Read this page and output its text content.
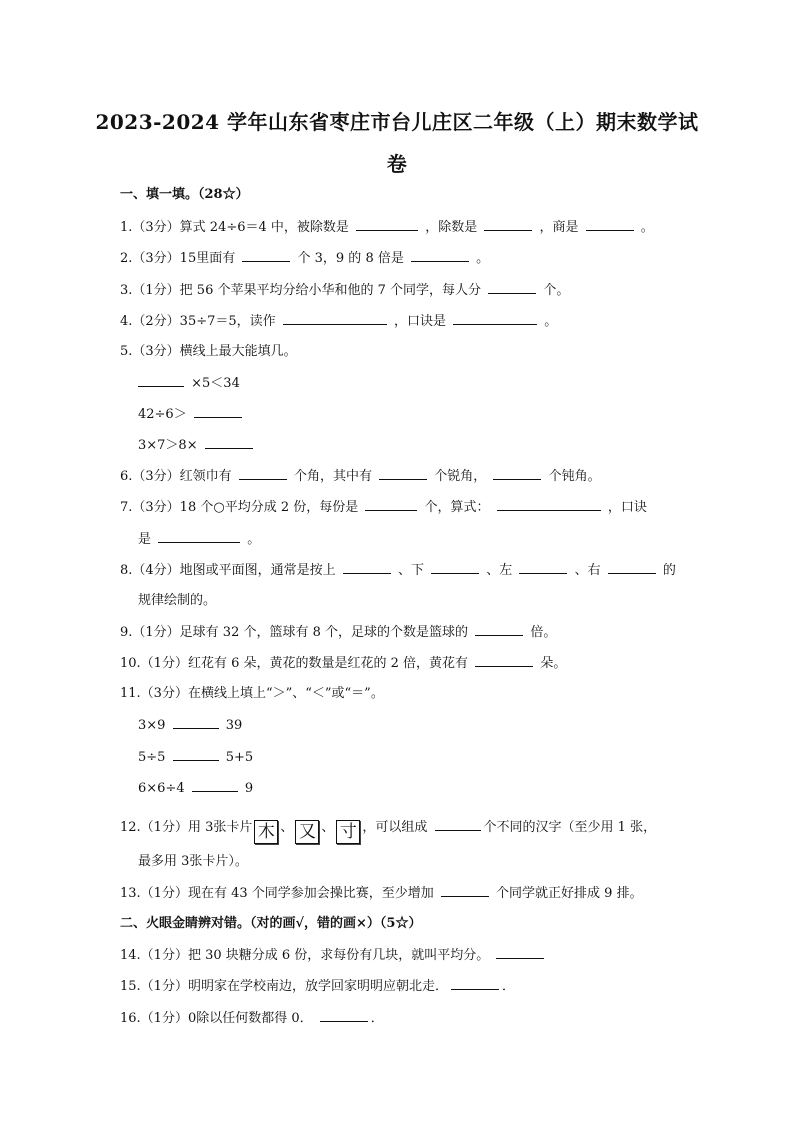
2023-2024 学年山东省枣庄市台儿庄区二年级（上）期末数学试
卷
一、填一填。（28☆）
1.（3分）算式 24÷6＝4 中，被除数是	，除数是	，商是	。
2.（3分）15里面有	个 3，9 的 8 倍是	。
3.（1分）把 56 个苹果平均分给小华和他的 7 个同学，每人分	个。
4.（2分）35÷7＝5，读作	，口诀是	。
5.（3分）横线上最大能填几。
×5＜34
42÷6＞
3×7＞8×
6.（3分）红领巾有	个角，其中有	个锐角，	个钝角。
7.（3分）18 个○平均分成 2 份，每份是	个，算式：	，口诀
是	。
8.（4分）地图或平面图，通常是按上	、下	、左	、右	的
规律绘制的。
9.（1分）足球有 32 个，篮球有 8 个，足球的个数是篮球的	倍。
10.（1分）红花有 6 朵，黄花的数量是红花的 2 倍，黄花有	朵。
11.（3分）在横线上填上“＞”、“＜”或“＝”。
3×9	39
5÷5	5+5
6×6÷4	9
12.（1分）用 3张卡片 木 、 又 、 寸 ，可以组成	个不同的汉字（至少用 1 张，
最多用 3张卡片）。
13.（1分）现在有 43 个同学参加会操比赛，至少增加	个同学就正好排成 9 排。
二、火眼金睛辨对错。（对的画√，错的画×）（5☆）
14.（1分）把 30 块糖分成 6 份，求每份有几块，就叫平均分。
15.（1分）明明家在学校南边，放学回家明明应朝北走．	．
16.（1分）0除以任何数都得 0．	．
